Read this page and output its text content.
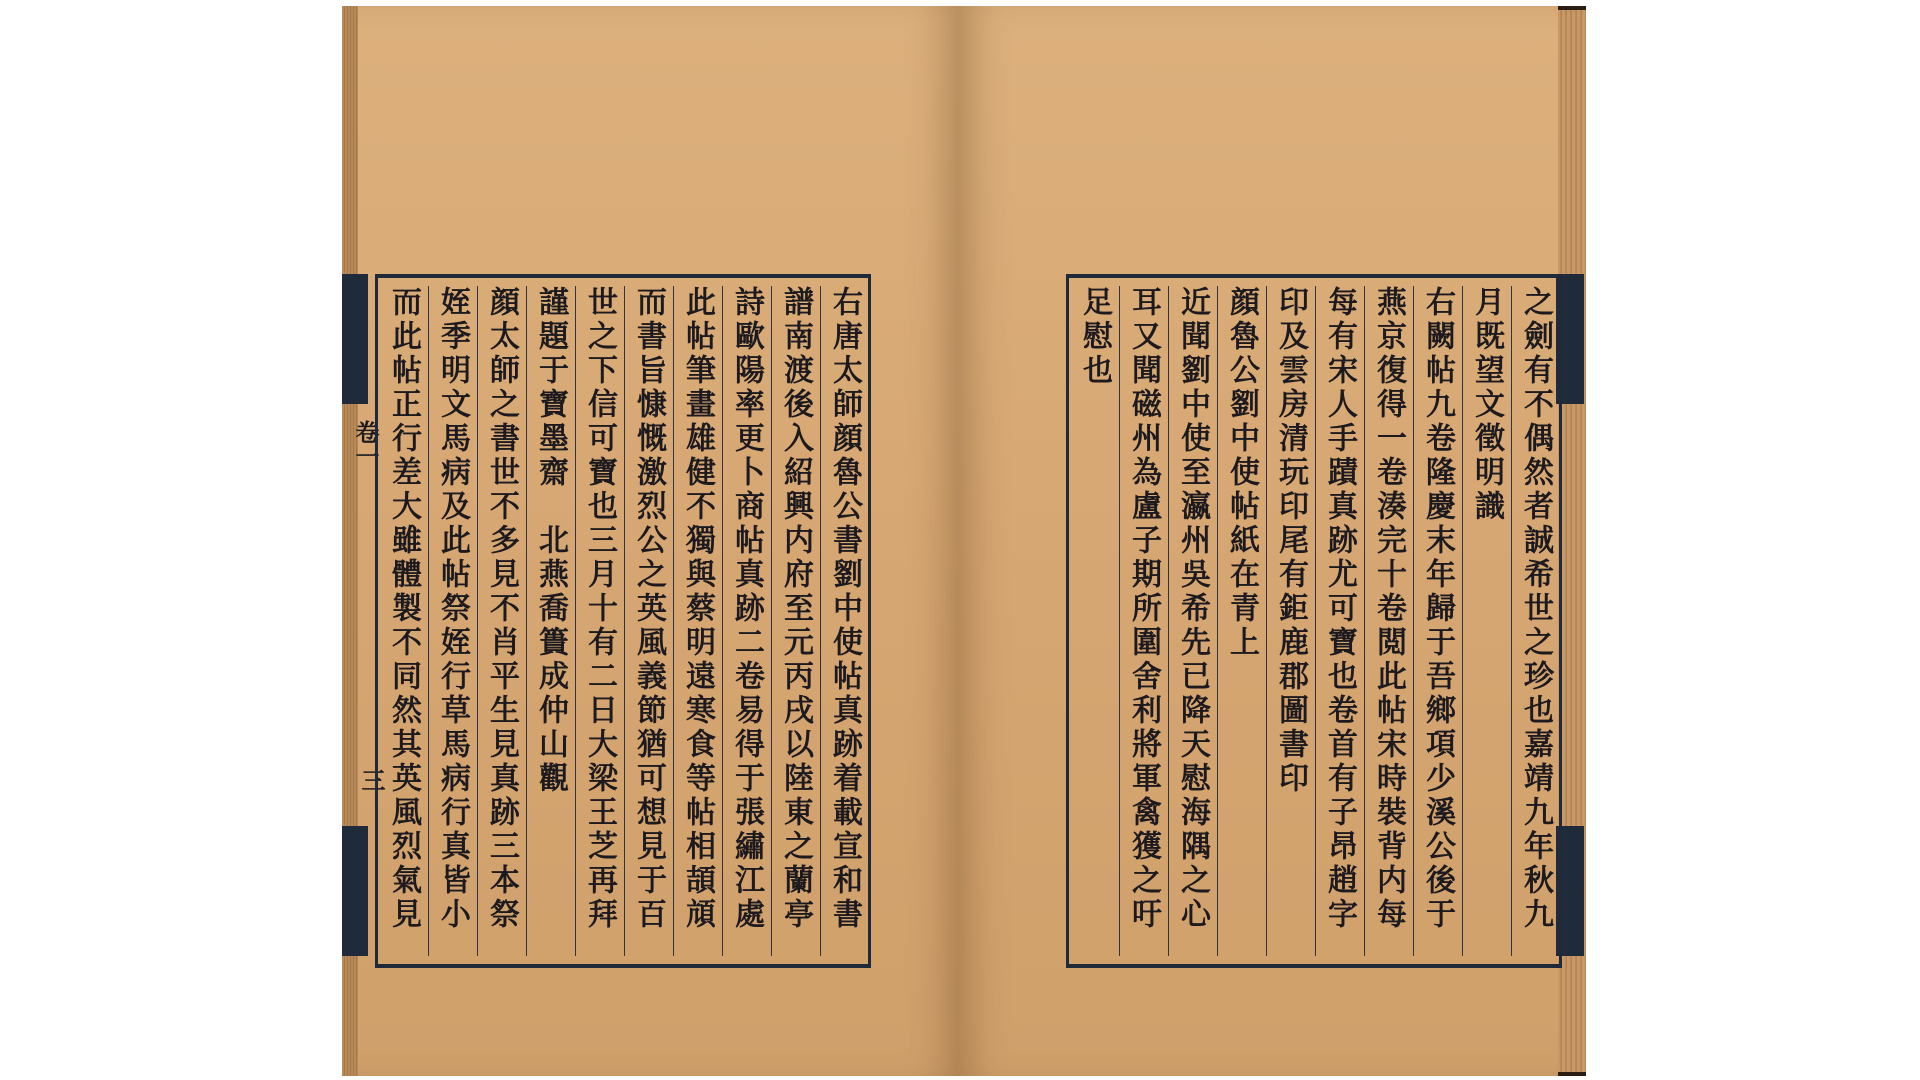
卷一
三	右唐太師顔魯公書劉中使帖真跡着載宣和書
譜南渡後入紹興内府至元丙戌以陸東之蘭亭
詩歐陽率更卜商帖真跡二卷易得于張繡江處
此帖筆畫雄健不獨與蔡明遠寒食等帖相頡頏
而書旨慷慨激烈公之英風義節猶可想見于百
世之下信可寶也三月十有二日大梁王芝再拜
謹題于寶墨齋　北燕喬簣成仲山觀
顔太師之書世不多見不肖平生見真跡三本祭
姪季明文馬病及此帖祭姪行草馬病行真皆小
而此帖正行差大雖體製不同然其英風烈氣見	之劍有不偶然者誠希世之珍也嘉靖九年秋九
月既望文徵明識
右闕帖九卷隆慶末年歸于吾鄉項少溪公後于
燕京復得一卷湊完十卷閲此帖宋時裝背内每
每有宋人手蹟真跡尤可寶也卷首有子昂趙字
印及雲房清玩印尾有鉅鹿郡圖書印
顔魯公劉中使帖紙在青上
近聞劉中使至瀛州吳希先已降天慰海隅之心
耳又聞磁州為盧子期所圍舍利將軍禽獲之吁
足慰也
